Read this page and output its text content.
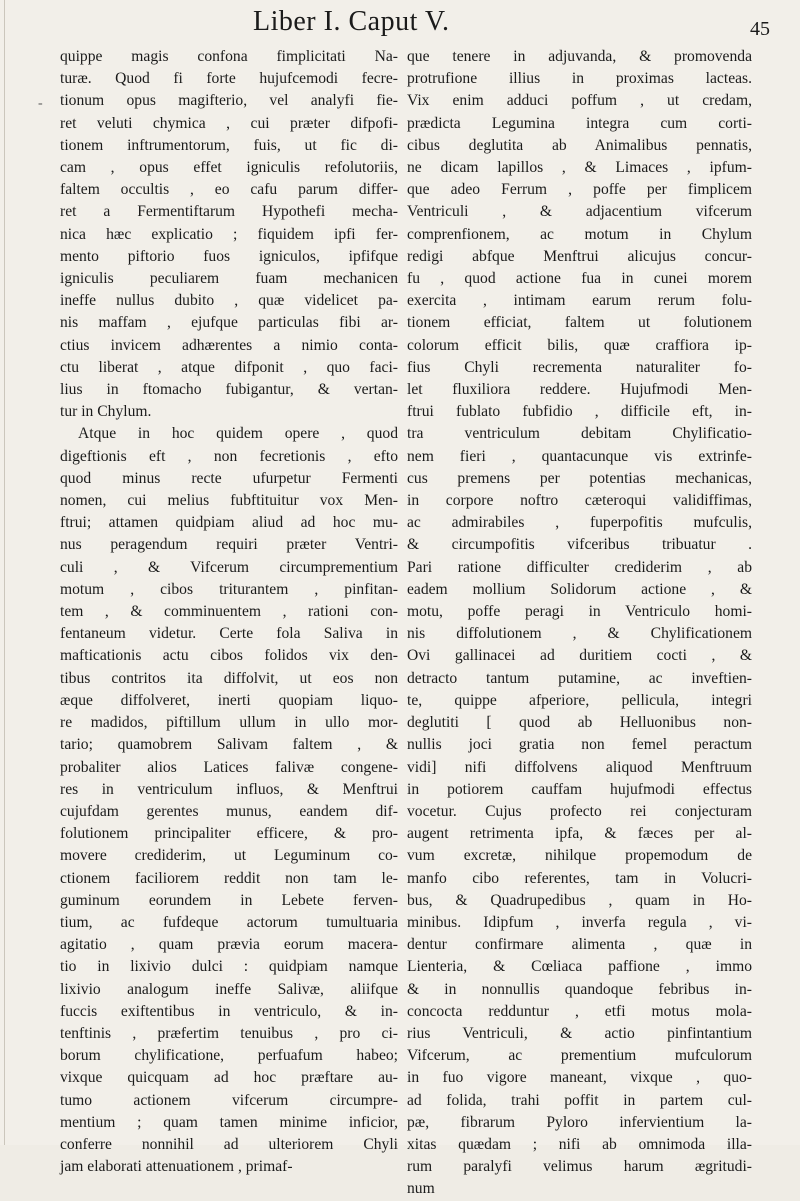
-
Liber I. Caput V.	45
quippe magis confona fimplicitati Na-
turæ. Quod fi forte hujufcemodi fecre-
tionum opus magifterio, vel analyfi fie-
ret veluti chymica , cui præter difpofi-
tionem inftrumentorum, fuis, ut fic di-
cam , opus effet igniculis refolutoriis,
faltem occultis , eo cafu parum differ-
ret a Fermentiftarum Hypothefi mecha-
nica hæc explicatio ; fiquidem ipfi fer-
mento piftorio fuos igniculos, ipfifque
igniculis peculiarem fuam mechanicen
ineffe nullus dubito , quæ videlicet pa-
nis maffam , ejufque particulas fibi ar-
ctius invicem adhærentes a nimio conta-
ctu liberat , atque difponit , quo faci-
lius in ftomacho fubigantur, & vertan-
tur in Chylum.
Atque in hoc quidem opere , quod
digeftionis eft , non fecretionis , efto
quod minus recte ufurpetur Fermenti
nomen, cui melius fubftituitur vox Men-
ftrui; attamen quidpiam aliud ad hoc mu-
nus peragendum requiri præter Ventri-
culi , & Vifcerum circumprementium
motum , cibos triturantem , pinfitan-
tem , & comminuentem , rationi con-
fentaneum videtur. Certe fola Saliva in
mafticationis actu cibos folidos vix den-
tibus contritos ita diffolvit, ut eos non
æque diffolveret, inerti quopiam liquo-
re madidos, piftillum ullum in ullo mor-
tario; quamobrem Salivam faltem , &
probaliter alios Latices falivæ congene-
res in ventriculum influos, & Menftrui
cujufdam gerentes munus, eandem dif-
folutionem principaliter efficere, & pro-
movere crediderim, ut Leguminum co-
ctionem faciliorem reddit non tam le-
guminum eorundem in Lebete ferven-
tium, ac fufdeque actorum tumultuaria
agitatio , quam prævia eorum macera-
tio in lixivio dulci : quidpiam namque
lixivio analogum ineffe Salivæ, aliifque
fuccis exiftentibus in ventriculo, & in-
tenftinis , præfertim tenuibus , pro ci-
borum chylificatione, perfuafum habeo;
vixque quicquam ad hoc præftare au-
tumo actionem vifcerum circumpre-
mentium ; quam tamen minime inficior,
conferre nonnihil ad ulteriorem Chyli
jam elaborati attenuationem , primaf-
que tenere in adjuvanda, & promovenda
protrufione illius in proximas lacteas.
Vix enim adduci poffum , ut credam,
prædicta Legumina integra cum corti-
cibus deglutita ab Animalibus pennatis,
ne dicam lapillos , & Limaces , ipfum-
que adeo Ferrum , poffe per fimplicem
Ventriculi , & adjacentium vifcerum
comprenfionem, ac motum in Chylum
redigi abfque Menftrui alicujus concur-
fu , quod actione fua in cunei morem
exercita , intimam earum rerum folu-
tionem efficiat, faltem ut folutionem
colorum efficit bilis, quæ craffiora ip-
fius Chyli recrementa naturaliter fo-
let fluxiliora reddere. Hujufmodi Men-
ftrui fublato fubfidio , difficile eft, in-
tra ventriculum debitam Chylificatio-
nem fieri , quantacunque vis extrinfe-
cus premens per potentias mechanicas,
in corpore noftro cæteroqui validiffimas,
ac admirabiles , fuperpofitis mufculis,
& circumpofitis vifceribus tribuatur .
Pari ratione difficulter crediderim , ab
eadem mollium Solidorum actione , &
motu, poffe peragi in Ventriculo homi-
nis diffolutionem , & Chylificationem
Ovi gallinacei ad duritiem cocti , &
detracto tantum putamine, ac inveftien-
te, quippe afperiore, pellicula, integri
deglutiti [ quod ab Helluonibus non-
nullis joci gratia non femel peractum
vidi] nifi diffolvens aliquod Menftruum
in potiorem cauffam hujufmodi effectus
vocetur. Cujus profecto rei conjecturam
augent retrimenta ipfa, & fæces per al-
vum excretæ, nihilque propemodum de
manfo cibo referentes, tam in Volucri-
bus, & Quadrupedibus , quam in Ho-
minibus. Idipfum , inverfa regula , vi-
dentur confirmare alimenta , quæ in
Lienteria, & Cœliaca paffione , immo
& in nonnullis quandoque febribus in-
concocta redduntur , etfi motus mola-
rius Ventriculi, & actio pinfintantium
Vifcerum, ac prementium mufculorum
in fuo vigore maneant, vixque , quo-
ad folida, trahi poffit in partem cul-
pæ, fibrarum Pyloro infervientium la-
xitas quædam ; nifi ab omnimoda illa-
rum paralyfi velimus harum ægritudi-
num
